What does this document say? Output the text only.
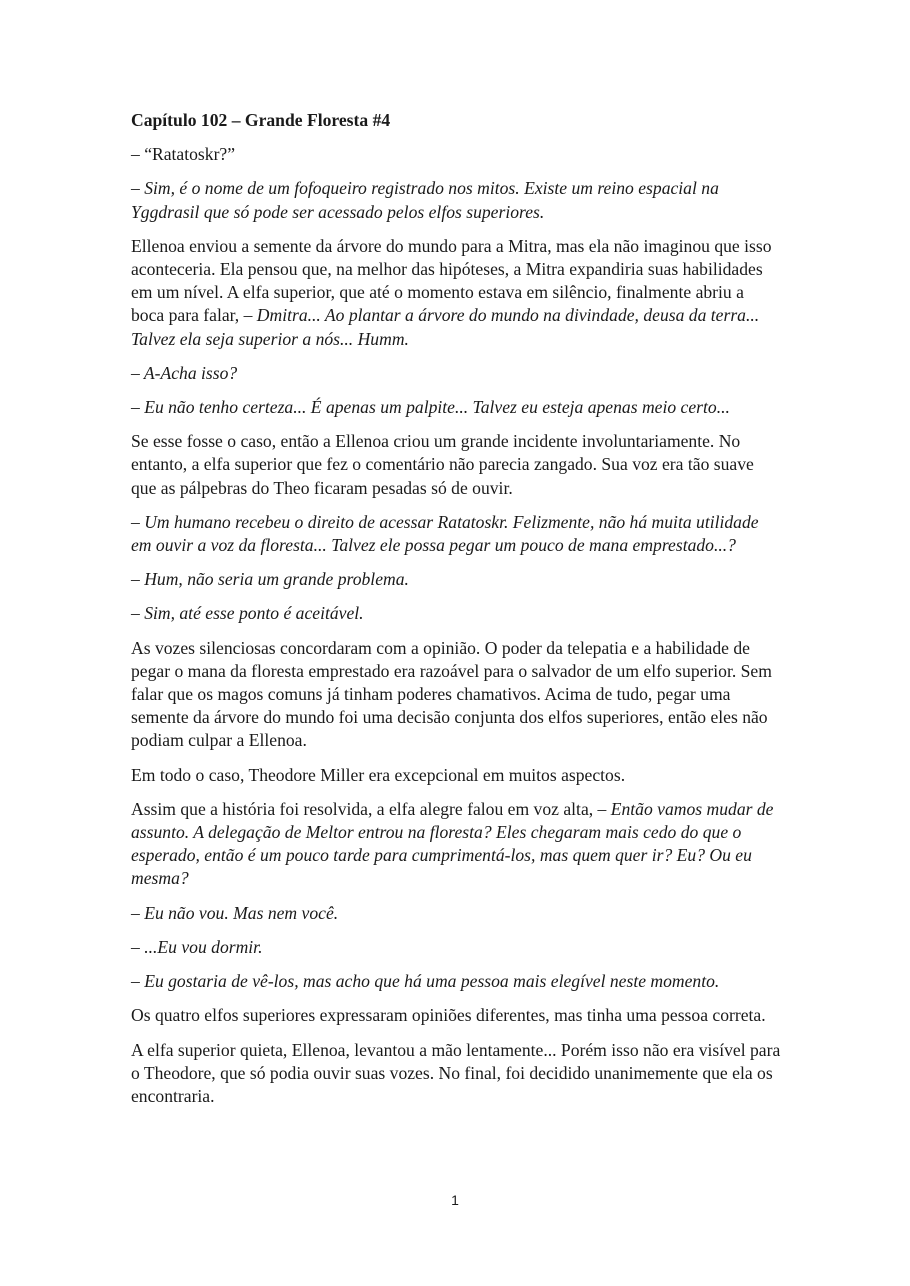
Capítulo 102 – Grande Floresta #4

– “Ratatoskr?”

– Sim, é o nome de um fofoqueiro registrado nos mitos. Existe um reino espacial na Yggdrasil que só pode ser acessado pelos elfos superiores.

Ellenoa enviou a semente da árvore do mundo para a Mitra, mas ela não imaginou que isso aconteceria. Ela pensou que, na melhor das hipóteses, a Mitra expandiria suas habilidades em um nível. A elfa superior, que até o momento estava em silêncio, finalmente abriu a boca para falar, – Dmitra... Ao plantar a árvore do mundo na divindade, deusa da terra... Talvez ela seja superior a nós... Humm.

– A-Acha isso?

– Eu não tenho certeza... É apenas um palpite... Talvez eu esteja apenas meio certo...

Se esse fosse o caso, então a Ellenoa criou um grande incidente involuntariamente. No entanto, a elfa superior que fez o comentário não parecia zangado. Sua voz era tão suave que as pálpebras do Theo ficaram pesadas só de ouvir.

– Um humano recebeu o direito de acessar Ratatoskr. Felizmente, não há muita utilidade em ouvir a voz da floresta... Talvez ele possa pegar um pouco de mana emprestado...?

– Hum, não seria um grande problema.

– Sim, até esse ponto é aceitável.

As vozes silenciosas concordaram com a opinião. O poder da telepatia e a habilidade de pegar o mana da floresta emprestado era razoável para o salvador de um elfo superior. Sem falar que os magos comuns já tinham poderes chamativos. Acima de tudo, pegar uma semente da árvore do mundo foi uma decisão conjunta dos elfos superiores, então eles não podiam culpar a Ellenoa.

Em todo o caso, Theodore Miller era excepcional em muitos aspectos.

Assim que a história foi resolvida, a elfa alegre falou em voz alta, – Então vamos mudar de assunto. A delegação de Meltor entrou na floresta? Eles chegaram mais cedo do que o esperado, então é um pouco tarde para cumprimentá-los, mas quem quer ir? Eu? Ou eu mesma?

– Eu não vou. Mas nem você.

– ...Eu vou dormir.

– Eu gostaria de vê-los, mas acho que há uma pessoa mais elegível neste momento.

Os quatro elfos superiores expressaram opiniões diferentes, mas tinha uma pessoa correta.

A elfa superior quieta, Ellenoa, levantou a mão lentamente... Porém isso não era visível para o Theodore, que só podia ouvir suas vozes. No final, foi decidido unanimemente que ela os encontraria.

1
